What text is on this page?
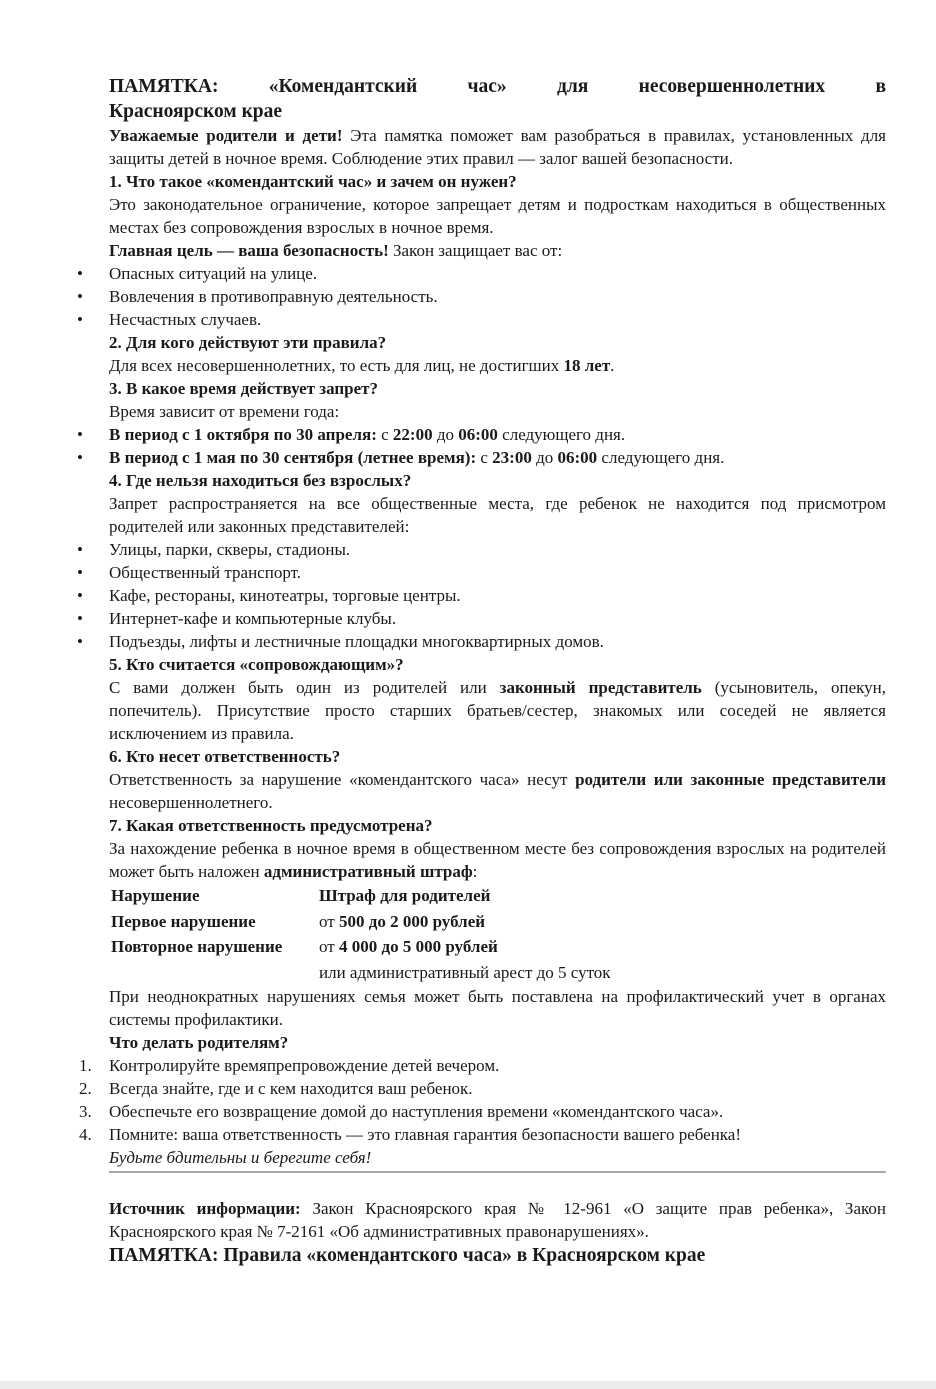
ПАМЯТКА:	«Комендантский	час»	для	несовершеннолетних	в
Красноярском крае

Уважаемые родители и дети! Эта памятка поможет вам разобраться в правилах, установленных для защиты детей в ночное время. Соблюдение этих правил — залог вашей безопасности.

1. Что такое «комендантский час» и зачем он нужен?

Это законодательное ограничение, которое запрещает детям и подросткам находиться в общественных местах без сопровождения взрослых в ночное время.

Главная цель — ваша безопасность! Закон защищает вас от:

• Опасных ситуаций на улице.
• Вовлечения в противоправную деятельность.
• Несчастных случаев.
2. Для кого действуют эти правила?

Для всех несовершеннолетних, то есть для лиц, не достигших 18 лет.

3. В какое время действует запрет?

Время зависит от времени года:

• В период с 1 октября по 30 апреля: с 22:00 до 06:00 следующего дня.
• В период с 1 мая по 30 сентября (летнее время): с 23:00 до 06:00 следующего дня.
4. Где нельзя находиться без взрослых?

Запрет распространяется на все общественные места, где ребенок не находится под присмотром родителей или законных представителей:

• Улицы, парки, скверы, стадионы.
• Общественный транспорт.
• Кафе, рестораны, кинотеатры, торговые центры.
• Интернет-кафе и компьютерные клубы.
• Подъезды, лифты и лестничные площадки многоквартирных домов.
5. Кто считается «сопровождающим»?

С вами должен быть один из родителей или законный представитель (усыновитель, опекун, попечитель). Присутствие просто старших братьев/сестер, знакомых или соседей не является исключением из правила.

6. Кто несет ответственность?

Ответственность за нарушение «комендантского часа» несут родители или законные представители несовершеннолетнего.

7. Какая ответственность предусмотрена?

За нахождение ребенка в ночное время в общественном месте без сопровождения взрослых на родителей может быть наложен административный штраф:

Нарушение	Штраф для родителей
Первое нарушение	от 500 до 2 000 рублей
Повторное нарушение	от 4 000 до 5 000 рублей
	или административный арест до 5 суток

При неоднократных нарушениях семья может быть поставлена на профилактический учет в органах системы профилактики.

Что делать родителям?
1. Контролируйте времяпрепровождение детей вечером.
2. Всегда знайте, где и с кем находится ваш ребенок.
3. Обеспечьте его возвращение домой до наступления времени «комендантского часа».
4. Помните: ваша ответственность — это главная гарантия безопасности вашего ребенка!

Будьте бдительны и берегите себя!

Источник информации: Закон Красноярского края № 12-961 «О защите прав ребенка», Закон Красноярского края № 7-2161 «Об административных правонарушениях».

ПАМЯТКА: Правила «комендантского часа» в Красноярском крае
